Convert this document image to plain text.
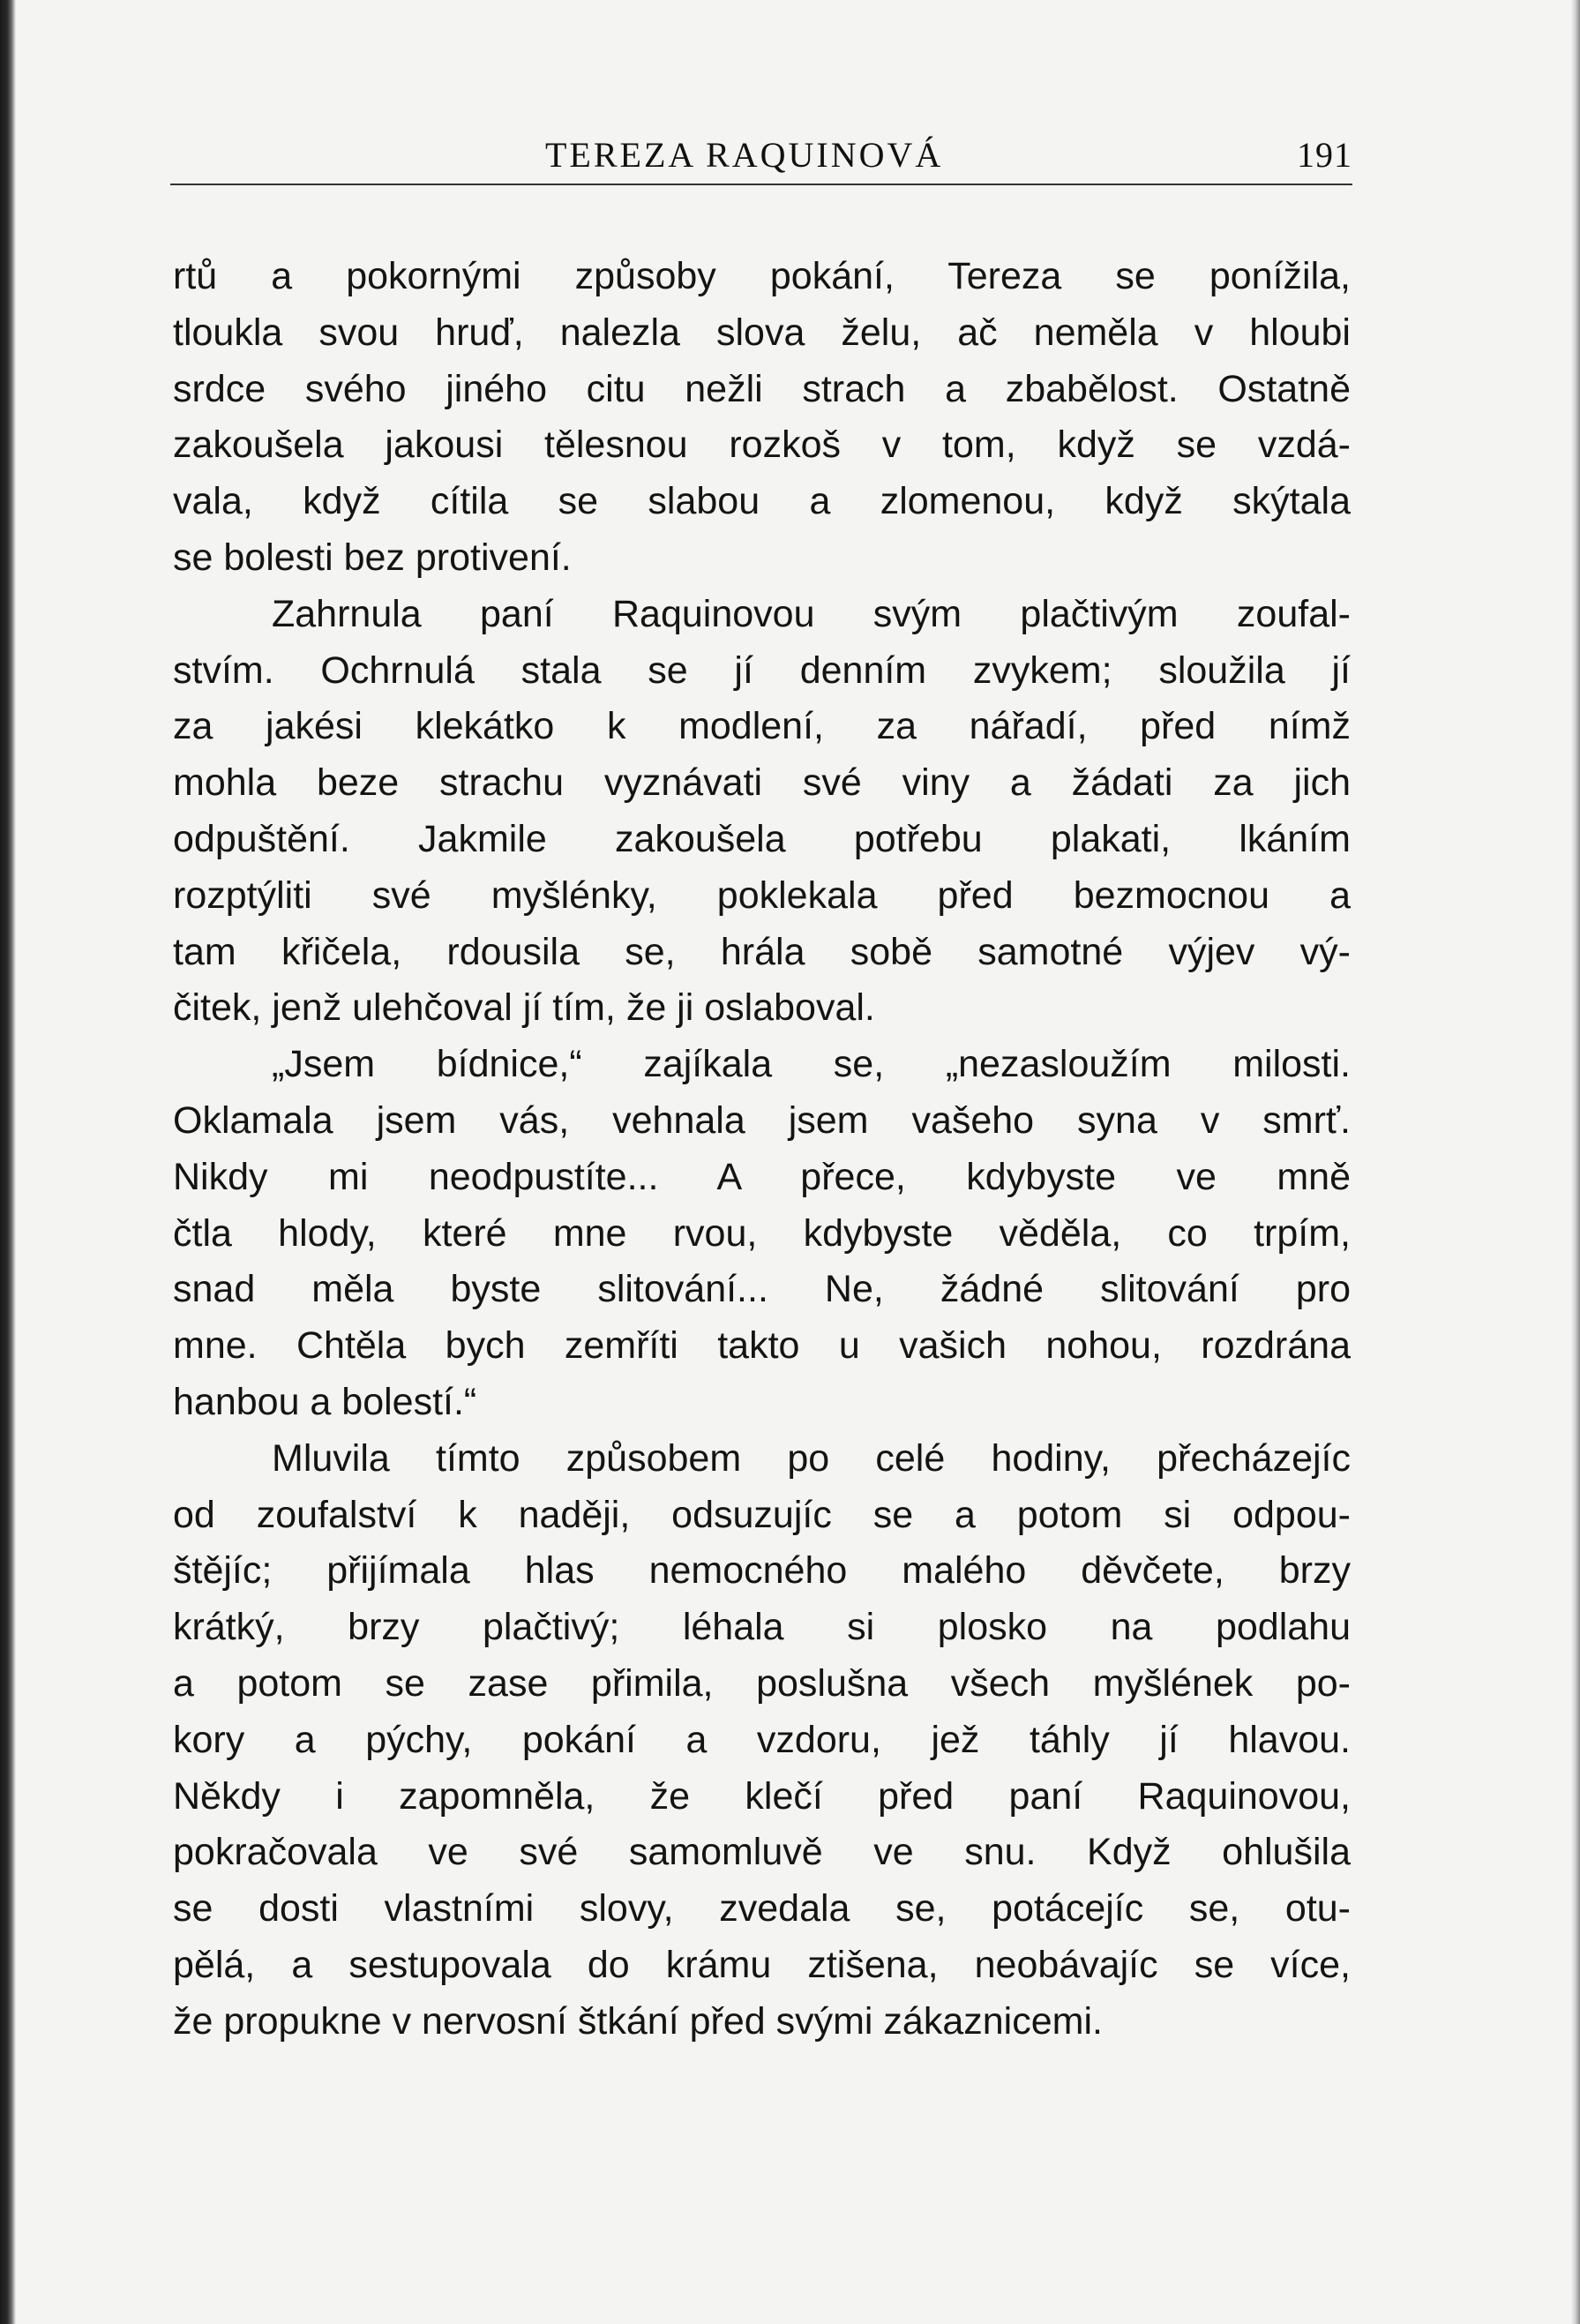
TEREZA RAQUINOVÁ	191
rtů a pokornými způsoby pokání, Tereza se ponížila,
tloukla svou hruď, nalezla slova želu, ač neměla v hloubi
srdce svého jiného citu nežli strach a zbabělost. Ostatně
zakoušela jakousi tělesnou rozkoš v tom, když se vzdá-
vala, když cítila se slabou a zlomenou, když skýtala
se bolesti bez protivení.
Zahrnula paní Raquinovou svým plačtivým zoufal-
stvím. Ochrnulá stala se jí denním zvykem; sloužila jí
za jakési klekátko k modlení, za nářadí, před nímž
mohla beze strachu vyznávati své viny a žádati za jich
odpuštění. Jakmile zakoušela potřebu plakati, lkáním
rozptýliti své myšlénky, poklekala před bezmocnou a
tam křičela, rdousila se, hrála sobě samotné výjev vý-
čitek, jenž ulehčoval jí tím, že ji oslaboval.
„Jsem bídnice,“ zajíkala se, „nezasloužím milosti.
Oklamala jsem vás, vehnala jsem vašeho syna v smrť.
Nikdy mi neodpustíte... A přece, kdybyste ve mně
čtla hlody, které mne rvou, kdybyste věděla, co trpím,
snad měla byste slitování... Ne, žádné slitování pro
mne. Chtěla bych zemříti takto u vašich nohou, rozdrána
hanbou a bolestí.“
Mluvila tímto způsobem po celé hodiny, přecházejíc
od zoufalství k naději, odsuzujíc se a potom si odpou-
štějíc; přijímala hlas nemocného malého děvčete, brzy
krátký, brzy plačtivý; léhala si plosko na podlahu
a potom se zase přimila, poslušna všech myšlének po-
kory a pýchy, pokání a vzdoru, jež táhly jí hlavou.
Někdy i zapomněla, že klečí před paní Raquinovou,
pokračovala ve své samomluvě ve snu. Když ohlušila
se dosti vlastními slovy, zvedala se, potácejíc se, otu-
pělá, a sestupovala do krámu ztišena, neobávajíc se více,
že propukne v nervosní štkání před svými zákaznicemi.
